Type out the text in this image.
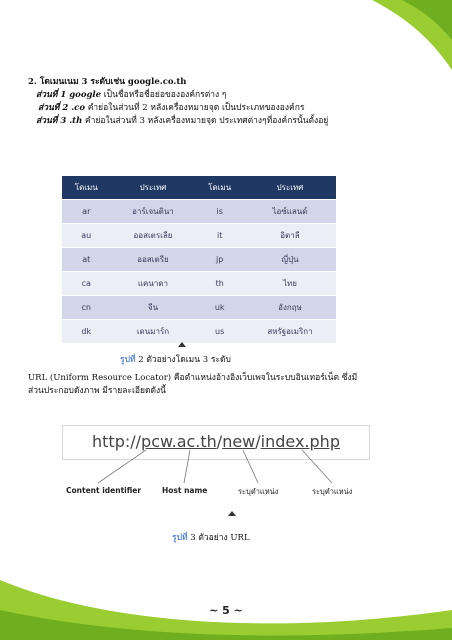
2. โดเมนเนม 3 ระดับเช่น google.co.th
ส่วนที่ 1 google เป็นชื่อหรือชื่อย่อขององค์กรต่าง ๆ
ส่วนที่ 2 .co คำย่อในส่วนที่ 2 หลังเครื่องหมายจุด เป็นประเภทขององค์กร
ส่วนที่ 3 .th คำย่อในส่วนที่ 3 หลังเครื่องหมายจุด ประเทศต่างๆที่องค์กรนั้นตั้งอยู่
โดเมน	ประเทศ	โดเมน	ประเทศ
ar	อาร์เจนตินา	is	ไอซ์แลนด์
au	ออสเตรเลีย	it	อิตาลี
at	ออสเตรีย	jp	ญี่ปุ่น
ca	แคนาดา	th	ไทย
cn	จีน	uk	อังกฤษ
dk	เดนมาร์ก	us	สหรัฐอเมริกา
รูปที่ 2 ตัวอย่างโดเมน 3 ระดับ
URL (Uniform Resource Locator) คือตำแหน่งอ้างอิงเว็บเพจในระบบอินเทอร์เน็ต ซึ่งมี
ส่วนประกอบดังภาพ มีรายละเอียดดังนี้
http://pcw.ac.th/new/index.php
Content identifier	Host name	ระบุตำแหน่ง	ระบุตำแหน่ง
รูปที่ 3 ตัวอย่าง URL
~ 5 ~
